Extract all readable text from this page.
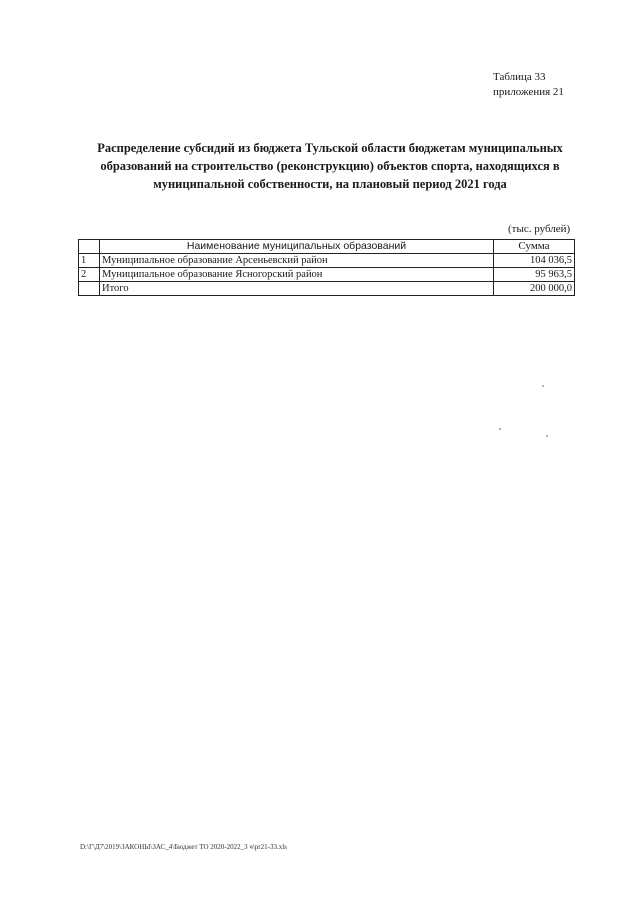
Таблица 33
приложения 21
Распределение субсидий из бюджета Тульской области бюджетам муниципальных образований на строительство (реконструкцию) объектов спорта, находящихся в муниципальной собственности, на плановый период 2021 года
(тыс. рублей)
	Наименование муниципальных образований	Сумма
1	Муниципальное образование Арсеньевский район	104 036,5
2	Муниципальное образование Ясногорский район	95 963,5
	Итого	200 000,0
D:\Г\Д7\2019\ЗАКОНЫ\ЗАС_4\Бюджет ТО 2020-2022_3 ч\pr21-33.xls
